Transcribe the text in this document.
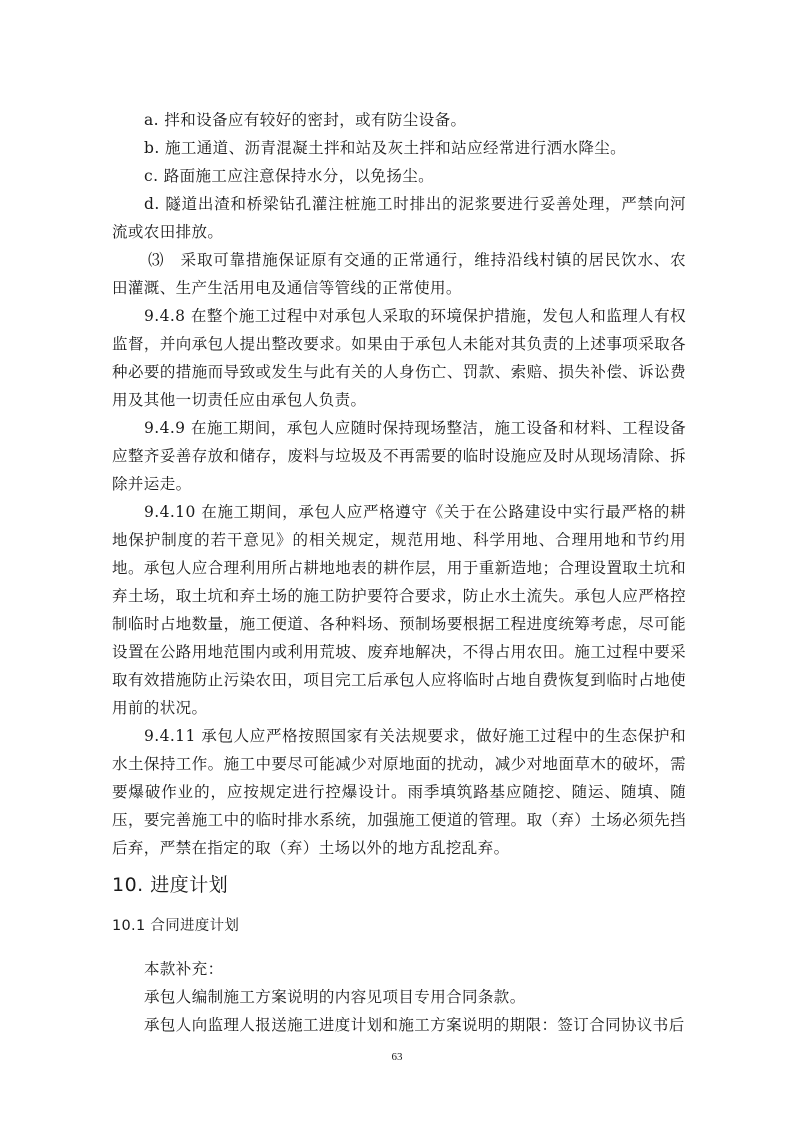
a. 拌和设备应有较好的密封，或有防尘设备。

b. 施工通道、沥青混凝土拌和站及灰土拌和站应经常进行洒水降尘。

c. 路面施工应注意保持水分，以免扬尘。

d. 隧道出渣和桥梁钻孔灌注桩施工时排出的泥浆要进行妥善处理，严禁向河流或农田排放。

⑶　采取可靠措施保证原有交通的正常通行，维持沿线村镇的居民饮水、农田灌溉、生产生活用电及通信等管线的正常使用。

9.4.8 在整个施工过程中对承包人采取的环境保护措施，发包人和监理人有权监督，并向承包人提出整改要求。如果由于承包人未能对其负责的上述事项采取各种必要的措施而导致或发生与此有关的人身伤亡、罚款、索赔、损失补偿、诉讼费用及其他一切责任应由承包人负责。

9.4.9 在施工期间，承包人应随时保持现场整洁，施工设备和材料、工程设备应整齐妥善存放和储存，废料与垃圾及不再需要的临时设施应及时从现场清除、拆除并运走。

9.4.10 在施工期间，承包人应严格遵守《关于在公路建设中实行最严格的耕地保护制度的若干意见》的相关规定，规范用地、科学用地、合理用地和节约用地。承包人应合理利用所占耕地地表的耕作层，用于重新造地；合理设置取土坑和弃土场，取土坑和弃土场的施工防护要符合要求，防止水土流失。承包人应严格控制临时占地数量，施工便道、各种料场、预制场要根据工程进度统筹考虑，尽可能设置在公路用地范围内或利用荒坡、废弃地解决，不得占用农田。施工过程中要采取有效措施防止污染农田，项目完工后承包人应将临时占地自费恢复到临时占地使用前的状况。

9.4.11 承包人应严格按照国家有关法规要求，做好施工过程中的生态保护和水土保持工作。施工中要尽可能减少对原地面的扰动，减少对地面草木的破坏，需要爆破作业的，应按规定进行控爆设计。雨季填筑路基应随挖、随运、随填、随压，要完善施工中的临时排水系统，加强施工便道的管理。取（弃）土场必须先挡后弃，严禁在指定的取（弃）土场以外的地方乱挖乱弃。

10. 进度计划
10.1 合同进度计划

本款补充：

承包人编制施工方案说明的内容见项目专用合同条款。

承包人向监理人报送施工进度计划和施工方案说明的期限：签订合同协议书后

63
